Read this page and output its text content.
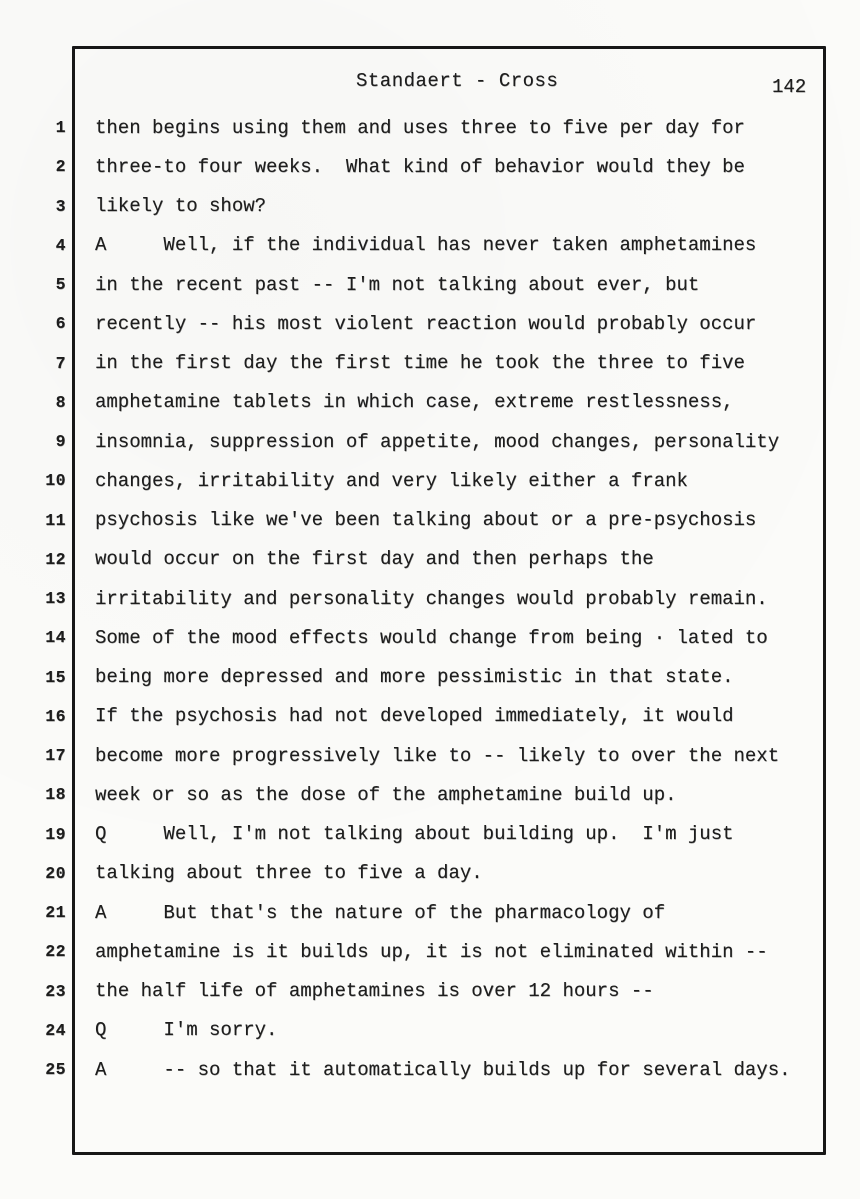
Standaert - Cross	142
1 then begins using them and uses three to five per day for
2 three-to four weeks.  What kind of behavior would they be
3 likely to show?
4 A     Well, if the individual has never taken amphetamines
5 in the recent past -- I'm not talking about ever, but
6 recently -- his most violent reaction would probably occur
7 in the first day the first time he took the three to five
8 amphetamine tablets in which case, extreme restlessness,
9 insomnia, suppression of appetite, mood changes, personality
10 changes, irritability and very likely either a frank
11 psychosis like we've been talking about or a pre-psychosis
12 would occur on the first day and then perhaps the
13 irritability and personality changes would probably remain.
14 Some of the mood effects would change from being · lated to
15 being more depressed and more pessimistic in that state.
16 If the psychosis had not developed immediately, it would
17 become more progressively like to -- likely to over the next
18 week or so as the dose of the amphetamine build up.
19 Q     Well, I'm not talking about building up.  I'm just
20 talking about three to five a day.
21 A     But that's the nature of the pharmacology of
22 amphetamine is it builds up, it is not eliminated within --
23 the half life of amphetamines is over 12 hours --
24 Q     I'm sorry.
25 A     -- so that it automatically builds up for several days.
